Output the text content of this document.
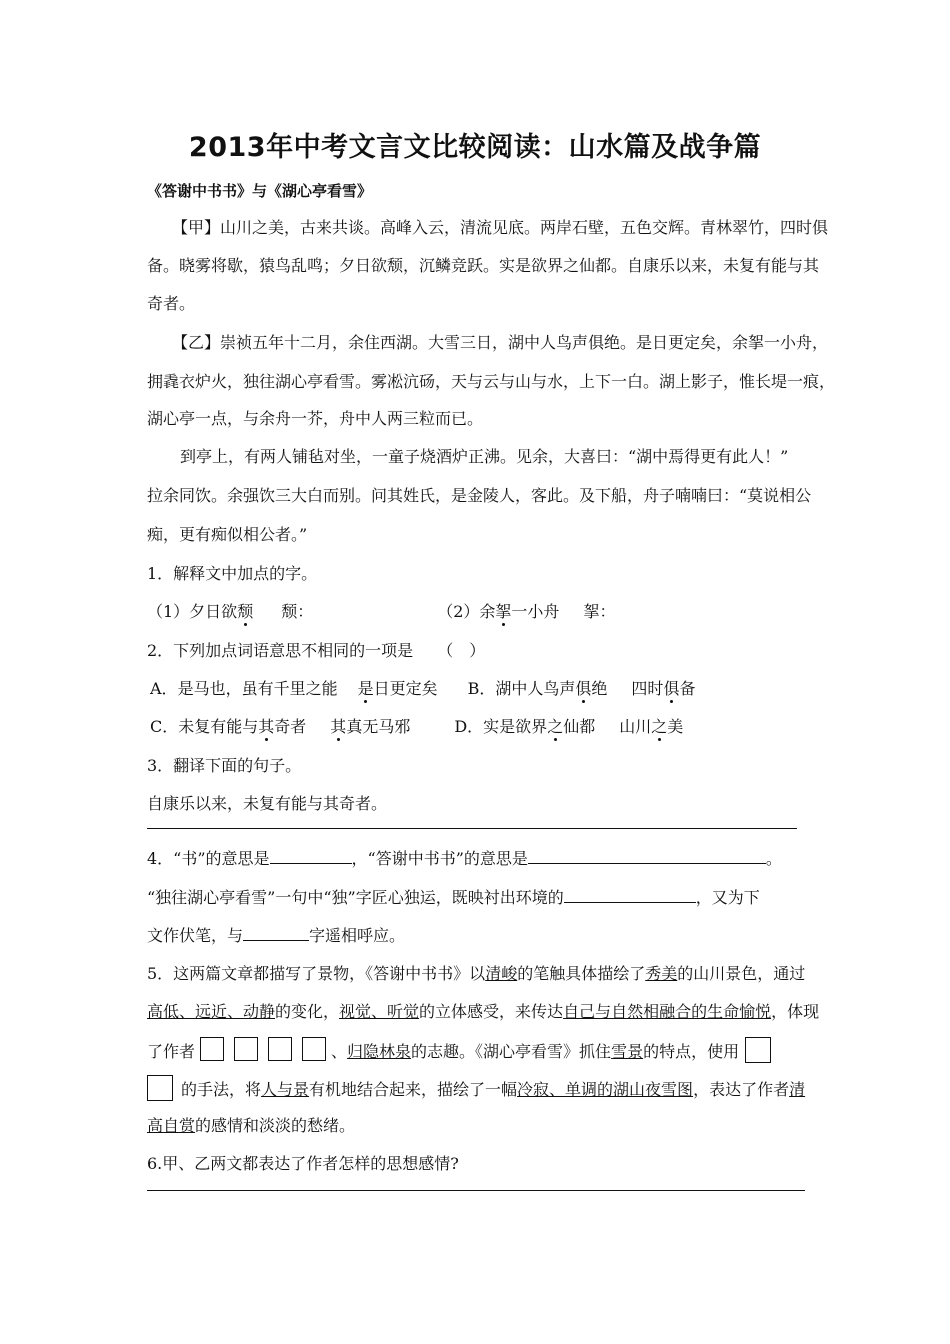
2013年中考文言文比较阅读：山水篇及战争篇
《答谢中书书》与《湖心亭看雪》
【甲】山川之美，古来共谈。高峰入云，清流见底。两岸石壁，五色交辉。青林翠竹，四时俱
备。晓雾将歇，猿鸟乱鸣；夕日欲颓，沉鳞竞跃。实是欲界之仙都。自康乐以来，未复有能与其
奇者。
【乙】崇祯五年十二月，余住西湖。大雪三日，湖中人鸟声俱绝。是日更定矣，余挐一小舟，
拥毳衣炉火，独往湖心亭看雪。雾凇沆砀，天与云与山与水，上下一白。湖上影子，惟长堤一痕，
湖心亭一点，与余舟一芥，舟中人两三粒而已。
到亭上，有两人铺毡对坐，一童子烧酒炉正沸。见余，大喜曰：“湖中焉得更有此人！”
拉余同饮。余强饮三大白而别。问其姓氏，是金陵人，客此。及下船，舟子喃喃曰：“莫说相公
痴，更有痴似相公者。”
1．解释文中加点的字。
（1）夕日欲颓 颓：	（2）余挐一小舟 挐：
2．下列加点词语意思不相同的一项是 （　）
A．是马也，虽有千里之能 是日更定矣 B．湖中人鸟声俱绝 四时俱备
C．未复有能与其奇者 其真无马邪	D．实是欲界之仙都 山川之美
3．翻译下面的句子。
自康乐以来，未复有能与其奇者。
4．“书”的意思是	，“答谢中书书”的意思是	。
“独往湖心亭看雪”一句中“独”字匠心独运，既映衬出环境的	，又为下
文作伏笔，与	字遥相呼应。
5．这两篇文章都描写了景物，《答谢中书书》以清峻的笔触具体描绘了秀美的山川景色，通过
高低、远近、动静的变化，视觉、听觉的立体感受，来传达自己与自然相融合的生命愉悦，体现
了作者	、归隐林泉的志趣。《湖心亭看雪》抓住雪景的特点，使用
的手法，将人与景有机地结合起来，描绘了一幅冷寂、单调的湖山夜雪图，表达了作者清
高自赏的感情和淡淡的愁绪。
6.甲、乙两文都表达了作者怎样的思想感情?
